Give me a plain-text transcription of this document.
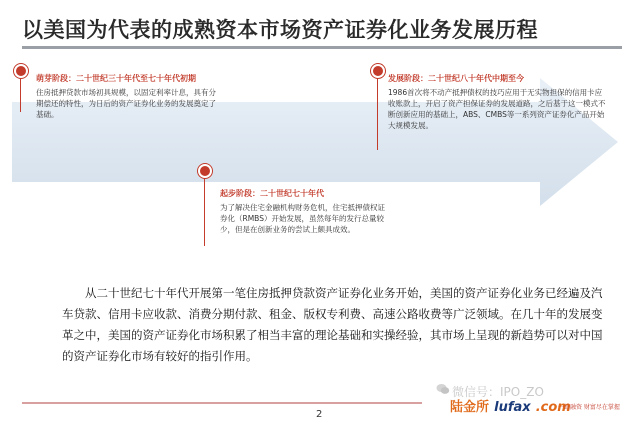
以美国为代表的成熟资本市场资产证券化业务发展历程
萌芽阶段：二十世纪三十年代至七十年代初期
住房抵押贷款市场初具规模，以固定利率计息，具有分期偿还的特性，为日后的资产证券化业务的发展奠定了基础。
起步阶段：二十世纪七十年代
为了解决住宅金融机构财务危机，住宅抵押债权证券化（RMBS）开始发展，虽然每年的发行总量较少，但是在创新业务的尝试上颇具成效。
发展阶段：二十世纪八十年代中期至今
1986首次将不动产抵押债权的技巧应用于无实物担保的信用卡应收账款上，开启了资产担保证券的发展道路，之后基于这一模式不断创新应用的基础上，ABS、CMBS等一系列资产证券化产品开始大规模发展。
从二十世纪七十年代开展第一笔住房抵押贷款资产证券化业务开始，美国的资产证券化业务已经遍及汽车贷款、信用卡应收款、消费分期付款、租金、版权专利费、高速公路收费等广泛领域。在几十年的发展变革之中，美国的资产证券化市场积累了相当丰富的理论基础和实操经验，其市场上呈现的新趋势可以对中国的资产证券化市场有较好的指引作用。
微信号：IPO_ZO
2	陆金所 lufax .com
一站融资 财富尽在掌握
